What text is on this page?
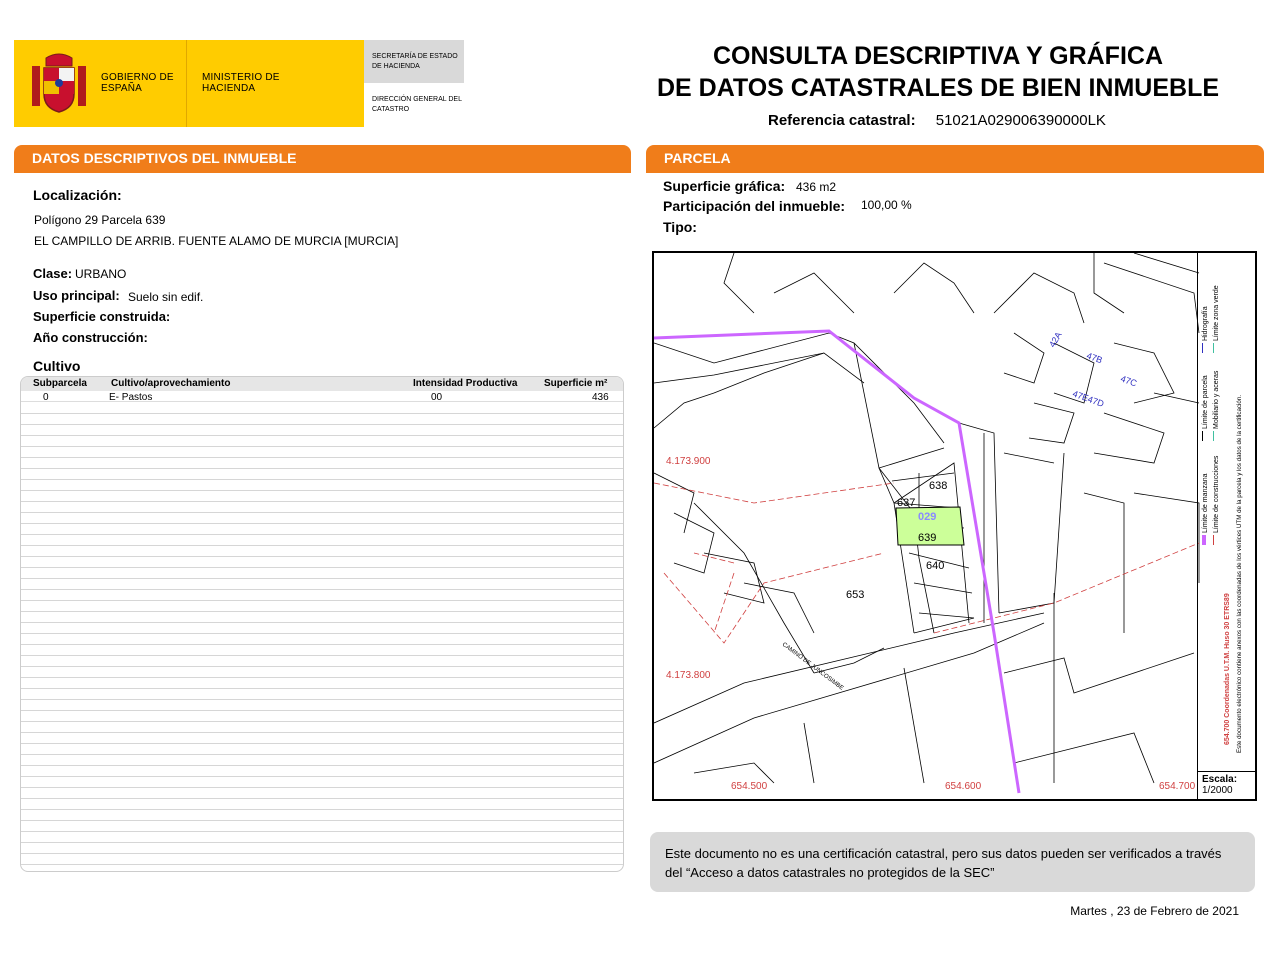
GOBIERNO DE ESPAÑA
MINISTERIO DE HACIENDA
SECRETARÍA DE ESTADO DE HACIENDA
DIRECCIÓN GENERAL DEL CATASTRO
CONSULTA DESCRIPTIVA Y GRÁFICA
DE DATOS CATASTRALES DE BIEN INMUEBLE
Referencia catastral: 51021A029006390000LK
DATOS DESCRIPTIVOS DEL INMUEBLE
Localización:
Polígono 29 Parcela 639
EL CAMPILLO DE ARRIB. FUENTE ALAMO DE MURCIA [MURCIA]
Clase: URBANO
Uso principal: Suelo sin edif.
Superficie construida:
Año construcción:
Cultivo
Subparcela Cultivo/aprovechamiento	Intensidad Productiva	Superficie m²
0	E- Pastos	00	436
PARCELA
Superficie gráfica: 436 m2
Participación del inmueble: 100,00 %
Tipo:
637
638
029
639
640
653
4.173.900
4.173.800
654.500	654.600	654.700
42A
47B
47C
47E47D
CAMINO DE JUNCOSIMBE
Límite de manzana Límite de construcciones
Límite de parcela Mobiliario y aceras
Hidrografía Límite zona verde
654.700 Coordenadas U.T.M. Huso 30 ETRS89 Este documento electrónico contiene anexos con las coordenadas de los vértices UTM de la parcela y los datos de la certificación.
Escala:
1/2000
Este documento no es una certificación catastral, pero sus datos pueden ser verificados a través del “Acceso a datos catastrales no protegidos de la SEC”
Martes , 23 de Febrero de 2021
